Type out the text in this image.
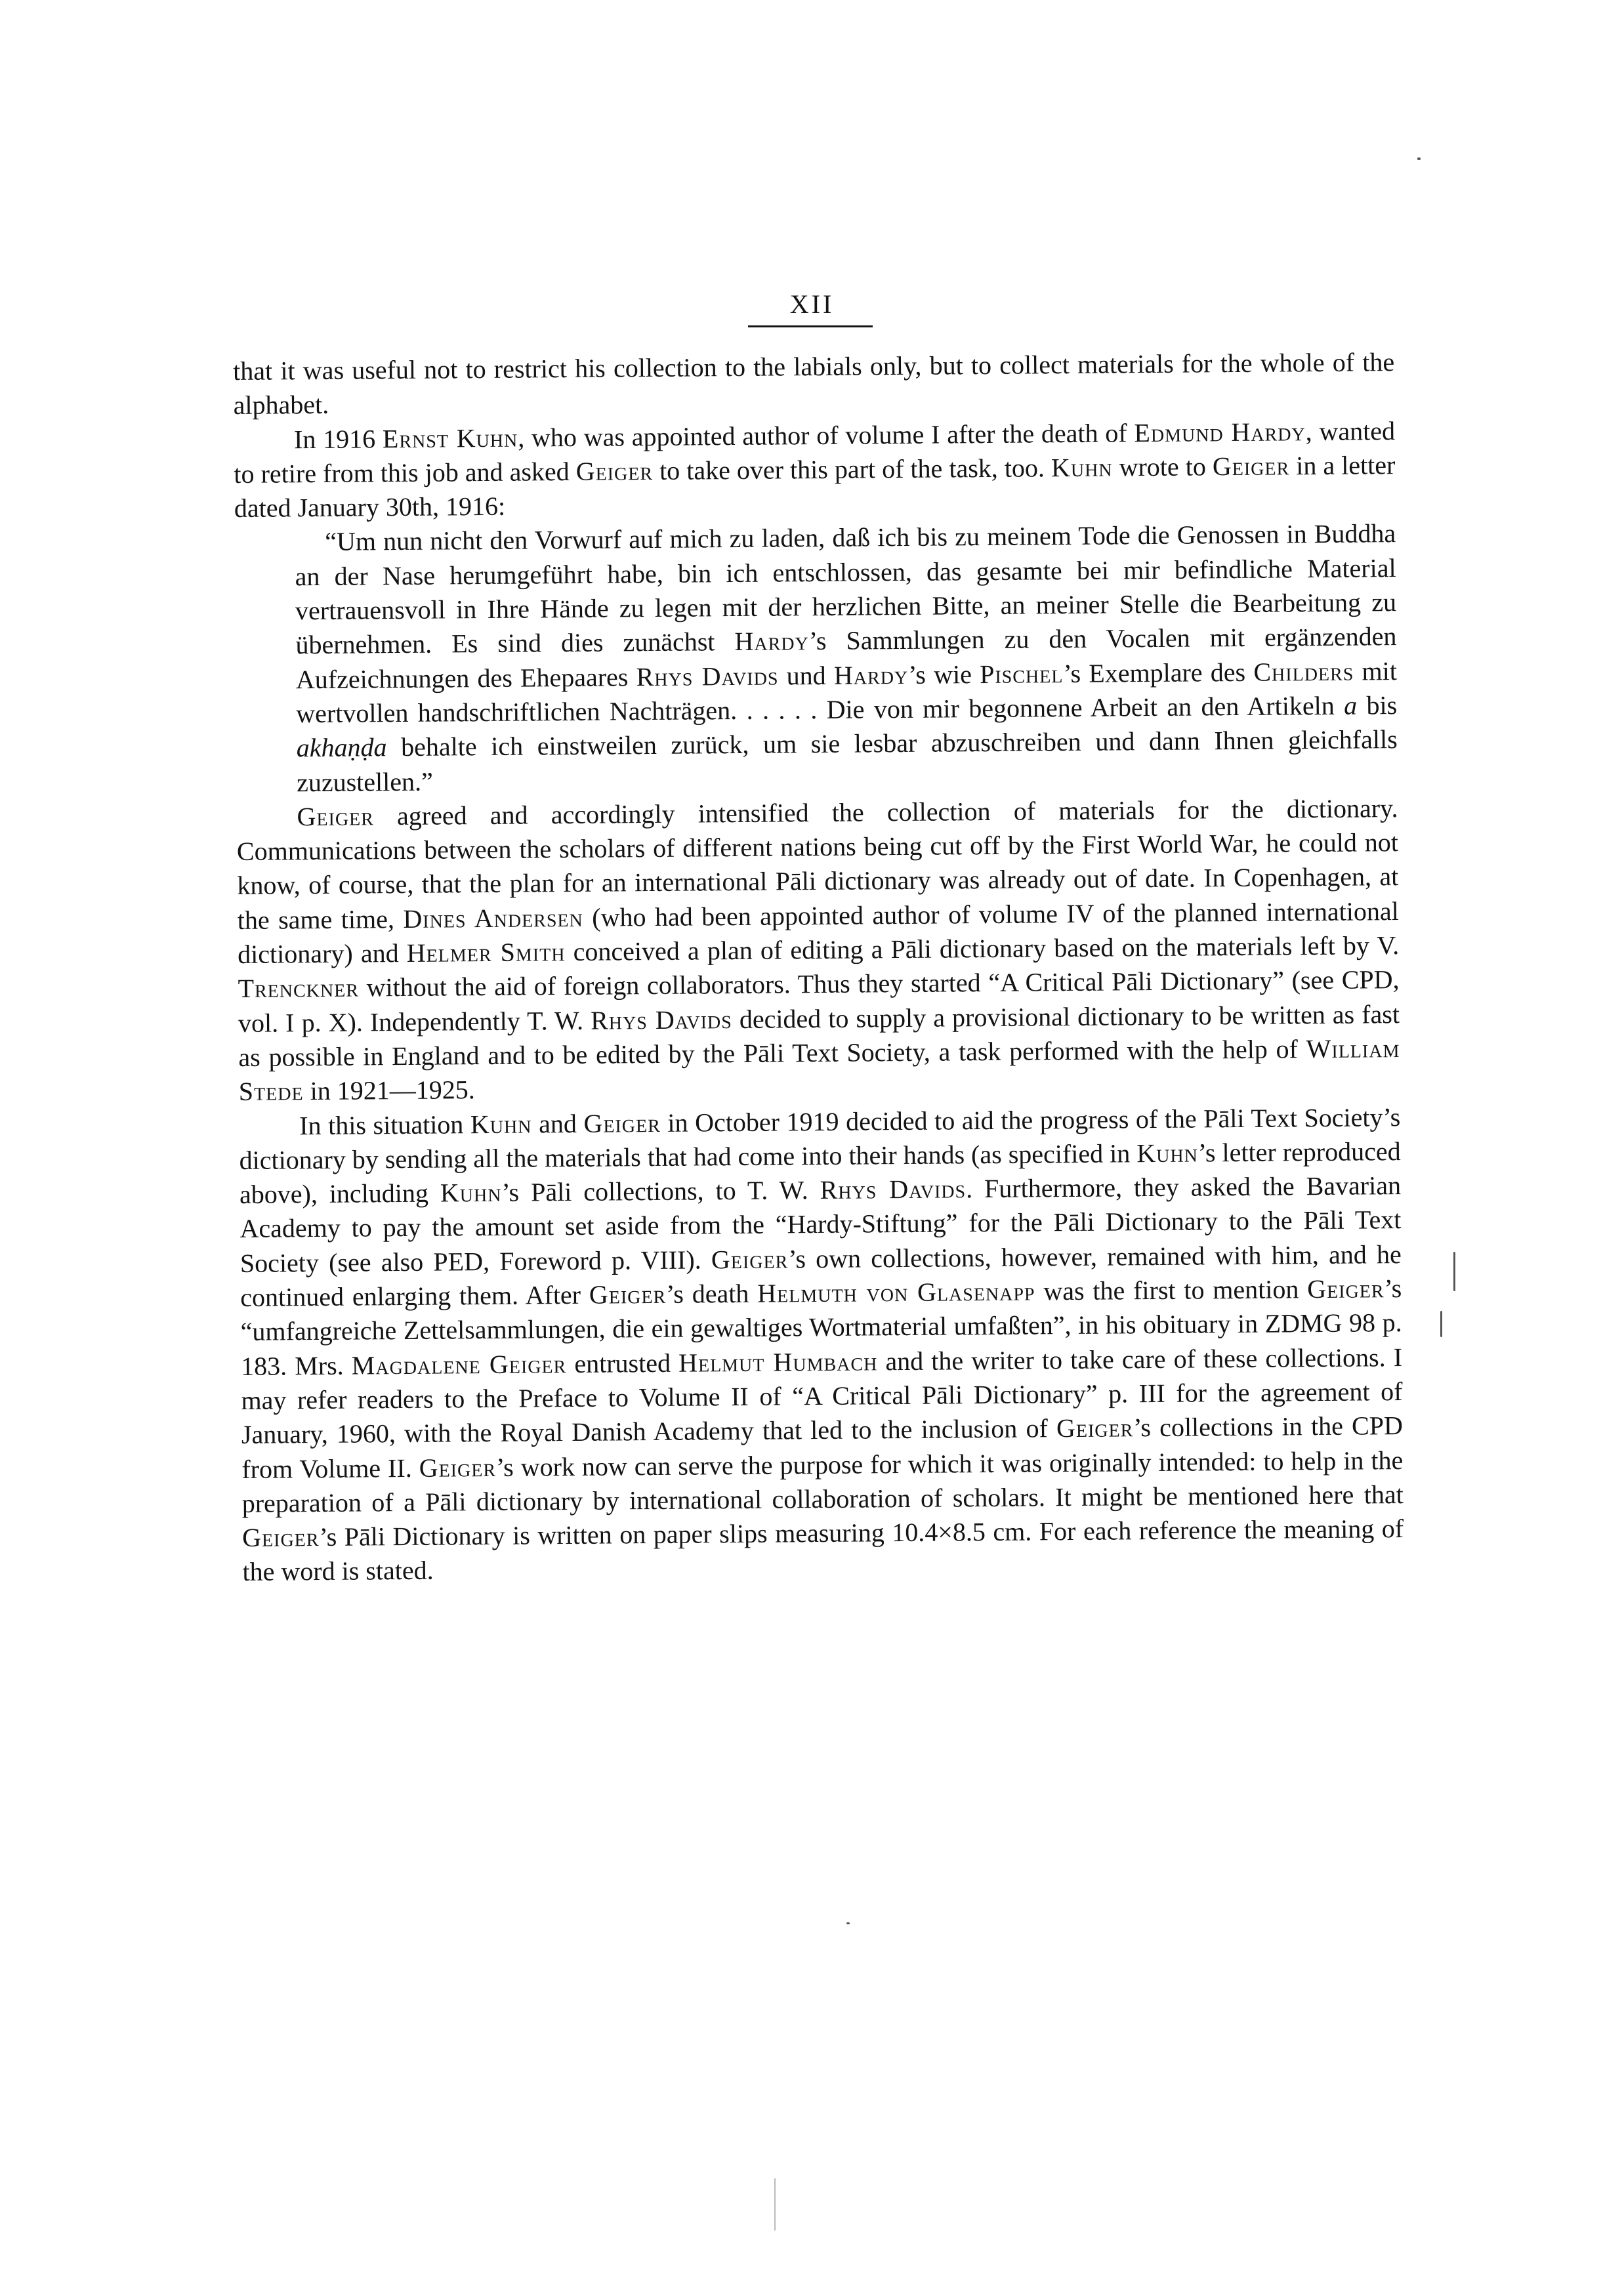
XII

that it was useful not to restrict his collection to the labials only, but to collect materials for the whole of the alphabet.

In 1916 Ernst Kuhn, who was appointed author of volume I after the death of Edmund Hardy, wanted to retire from this job and asked Geiger to take over this part of the task, too. Kuhn wrote to Geiger in a letter dated January 30th, 1916:

“Um nun nicht den Vorwurf auf mich zu laden, daß ich bis zu meinem Tode die Genossen in Buddha an der Nase herumgeführt habe, bin ich entschlossen, das gesamte bei mir befindliche Material vertrauensvoll in Ihre Hände zu legen mit der herzlichen Bitte, an meiner Stelle die Bearbeitung zu übernehmen. Es sind dies zunächst Hardy’s Sammlungen zu den Vocalen mit ergänzenden Aufzeichnungen des Ehepaares Rhys Davids und Hardy’s wie Pischel’s Exemplare des Childers mit wertvollen handschriftlichen Nachträgen. . . . . . Die von mir begonnene Arbeit an den Artikeln a bis akhaṇḍa behalte ich einstweilen zurück, um sie lesbar abzuschreiben und dann Ihnen gleichfalls zuzustellen.”

Geiger agreed and accordingly intensified the collection of materials for the dictionary. Communications between the scholars of different nations being cut off by the First World War, he could not know, of course, that the plan for an international Pāli dictionary was already out of date. In Copenhagen, at the same time, Dines Andersen (who had been appointed author of volume IV of the planned international dictionary) and Helmer Smith conceived a plan of editing a Pāli dictionary based on the materials left by V. Trenckner without the aid of foreign collaborators. Thus they started “A Critical Pāli Dictionary” (see CPD, vol. I p. X). Independently T. W. Rhys Davids decided to supply a provisional dictionary to be written as fast as possible in England and to be edited by the Pāli Text Society, a task performed with the help of William Stede in 1921—1925.

In this situation Kuhn and Geiger in October 1919 decided to aid the progress of the Pāli Text Society’s dictionary by sending all the materials that had come into their hands (as specified in Kuhn’s letter reproduced above), including Kuhn’s Pāli collections, to T. W. Rhys Davids. Furthermore, they asked the Bavarian Academy to pay the amount set aside from the “Hardy-Stiftung” for the Pāli Dictionary to the Pāli Text Society (see also PED, Foreword p. VIII). Geiger’s own collections, however, remained with him, and he continued enlarging them. After Geiger’s death Helmuth von Glasenapp was the first to mention Geiger’s “umfangreiche Zettelsammlungen, die ein gewaltiges Wortmaterial umfaßten”, in his obituary in ZDMG 98 p. 183. Mrs. Magdalene Geiger entrusted Helmut Humbach and the writer to take care of these collections. I may refer readers to the Preface to Volume II of “A Critical Pāli Dictionary” p. III for the agreement of January, 1960, with the Royal Danish Academy that led to the inclusion of Geiger’s collections in the CPD from Volume II. Geiger’s work now can serve the purpose for which it was originally intended: to help in the preparation of a Pāli dictionary by international collaboration of scholars. It might be mentioned here that Geiger’s Pāli Dictionary is written on paper slips measuring 10.4×8.5 cm. For each reference the meaning of the word is stated.
